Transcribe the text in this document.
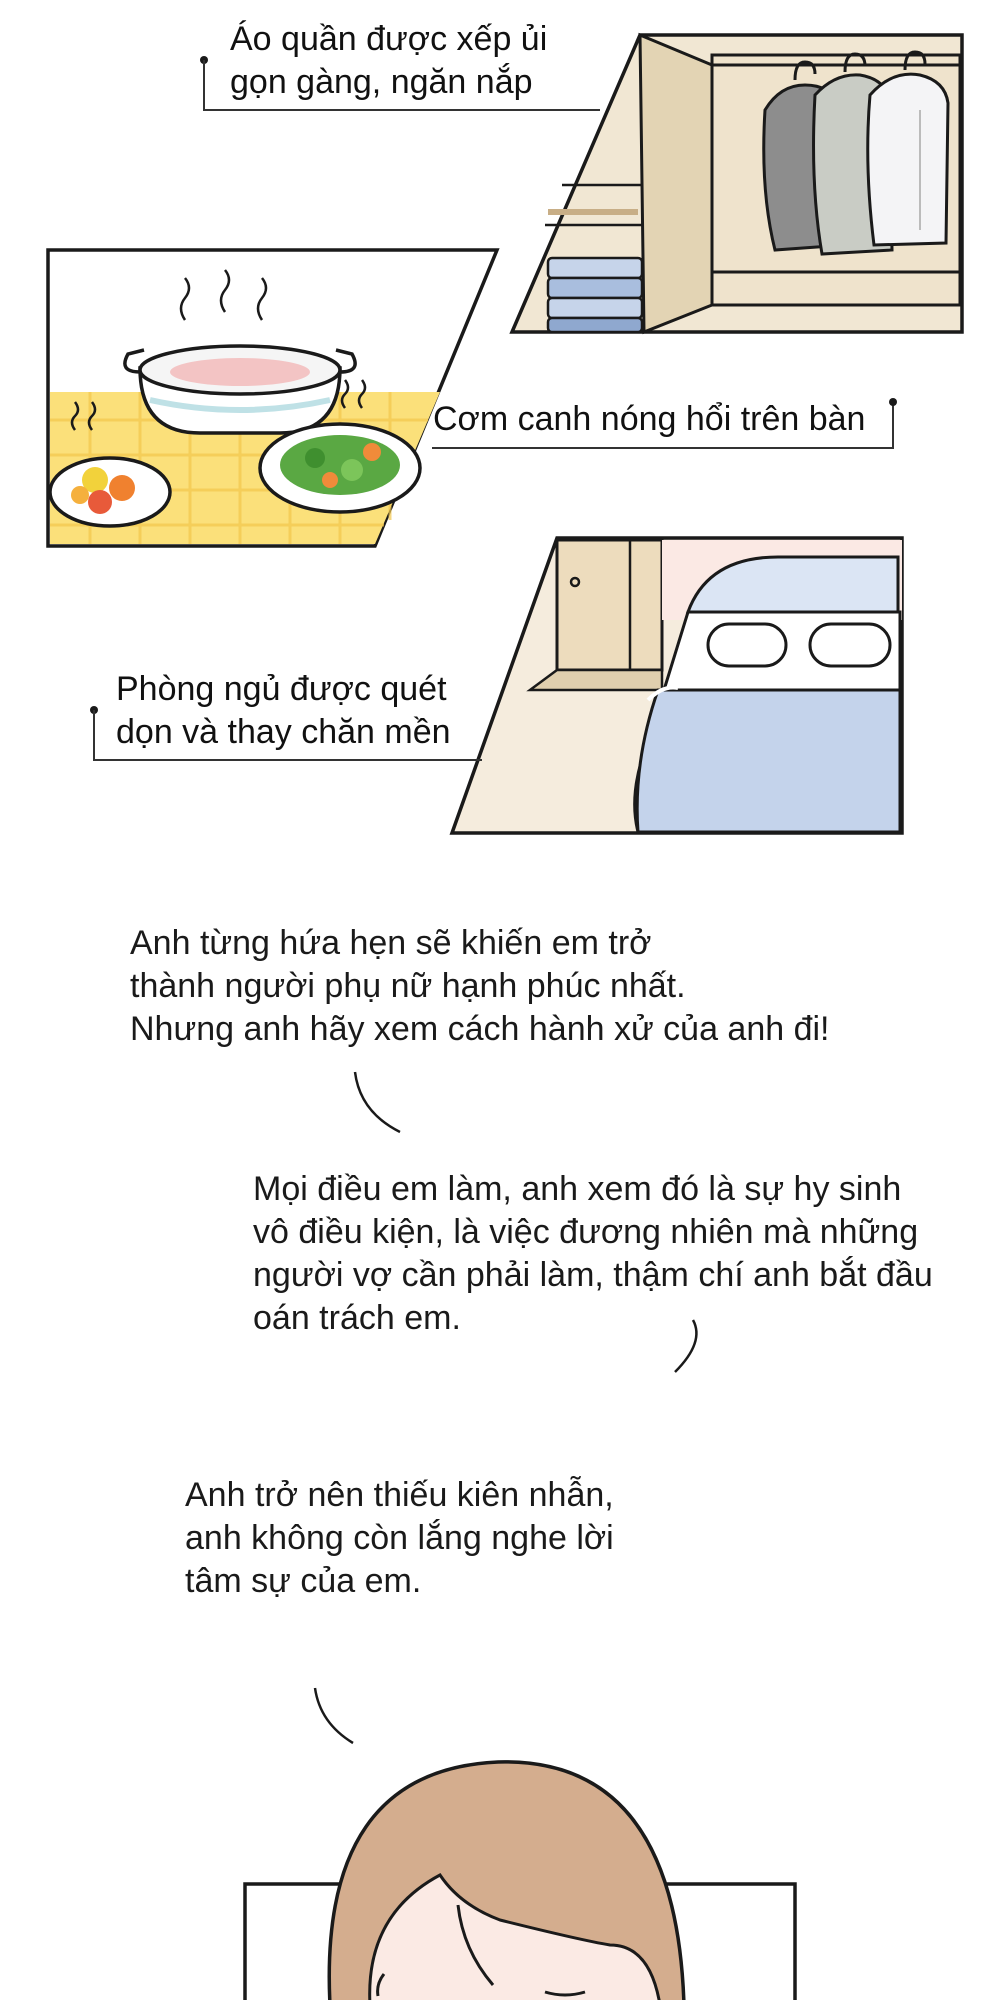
Áo quần được xếp ủi
gọn gàng, ngăn nắp
Cơm canh nóng hổi trên bàn
Phòng ngủ được quét
dọn và thay chăn mền
Anh từng hứa hẹn sẽ khiến em trở
thành người phụ nữ hạnh phúc nhất.
Nhưng anh hãy xem cách hành xử của anh đi!
Mọi điều em làm, anh xem đó là sự hy sinh
vô điều kiện, là việc đương nhiên mà những
người vợ cần phải làm, thậm chí anh bắt đầu
oán trách em.
Anh trở nên thiếu kiên nhẫn,
anh không còn lắng nghe lời
tâm sự của em.
